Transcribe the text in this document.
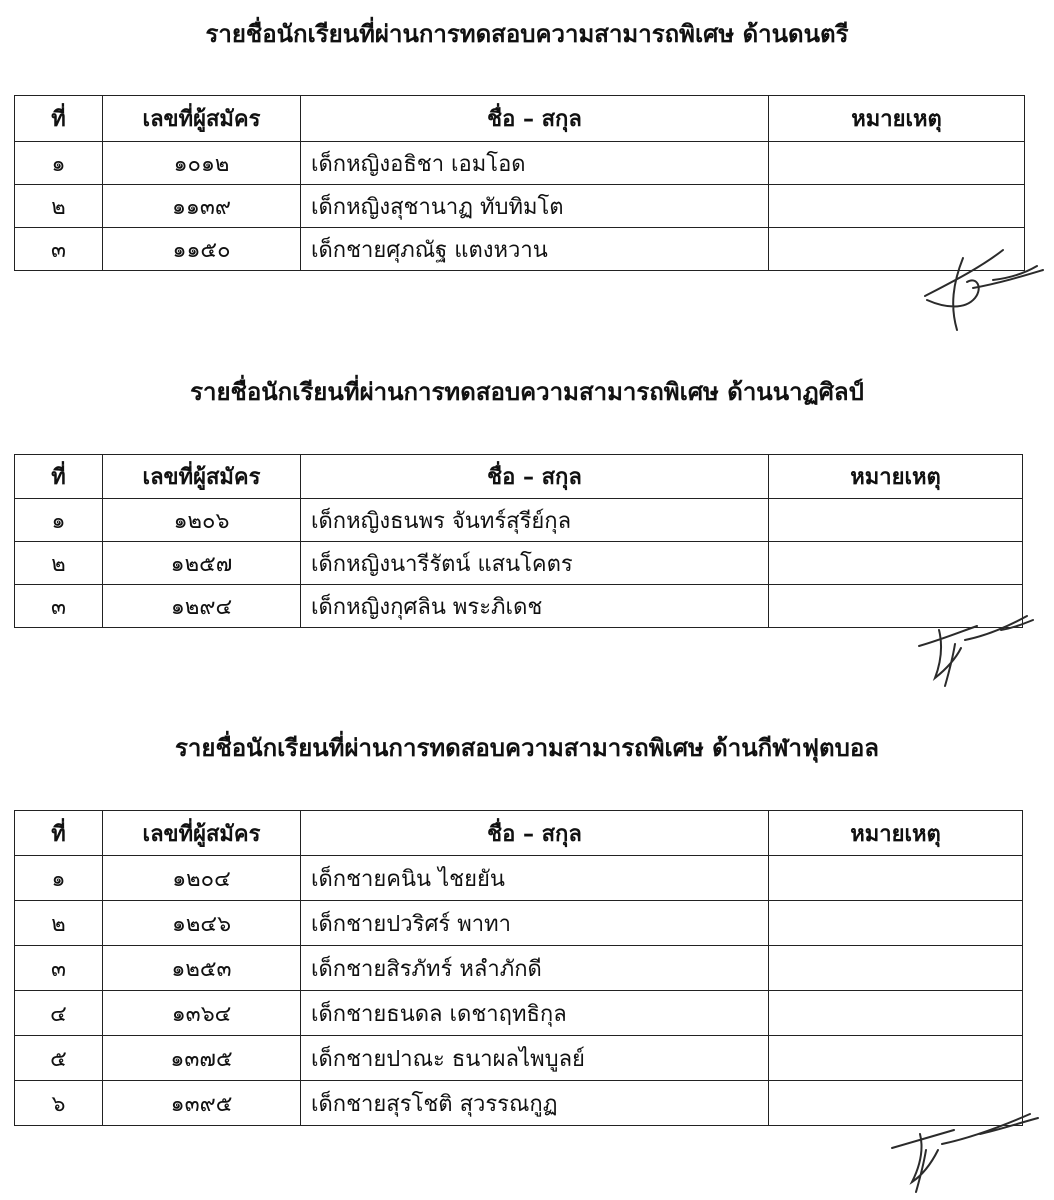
รายชื่อนักเรียนที่ผ่านการทดสอบความสามารถพิเศษ ด้านดนตรี
ที่	เลขที่ผู้สมัคร	ชื่อ – สกุล	หมายเหตุ
๑	๑๐๑๒	เด็กหญิงอธิชา เอมโอด	
๒	๑๑๓๙	เด็กหญิงสุชานาฏ ทับทิมโต	
๓	๑๑๕๐	เด็กชายศุภณัฐ แตงหวาน	
รายชื่อนักเรียนที่ผ่านการทดสอบความสามารถพิเศษ ด้านนาฏศิลป์
ที่	เลขที่ผู้สมัคร	ชื่อ – สกุล	หมายเหตุ
๑	๑๒๐๖	เด็กหญิงธนพร จันทร์สุรีย์กุล	
๒	๑๒๕๗	เด็กหญิงนารีรัตน์ แสนโคตร	
๓	๑๒๙๔	เด็กหญิงกุศลิน พระภิเดช	
รายชื่อนักเรียนที่ผ่านการทดสอบความสามารถพิเศษ ด้านกีฬาฟุตบอล
ที่	เลขที่ผู้สมัคร	ชื่อ – สกุล	หมายเหตุ
๑	๑๒๐๔	เด็กชายคนิน ไชยยัน	
๒	๑๒๔๖	เด็กชายปวริศร์ พาทา	
๓	๑๒๕๓	เด็กชายสิรภัทร์ หลำภักดี	
๔	๑๓๖๔	เด็กชายธนดล เดชาฤทธิกุล	
๕	๑๓๗๕	เด็กชายปาณะ ธนาผลไพบูลย์	
๖	๑๓๙๕	เด็กชายสุรโชติ สุวรรณกูฏ	
